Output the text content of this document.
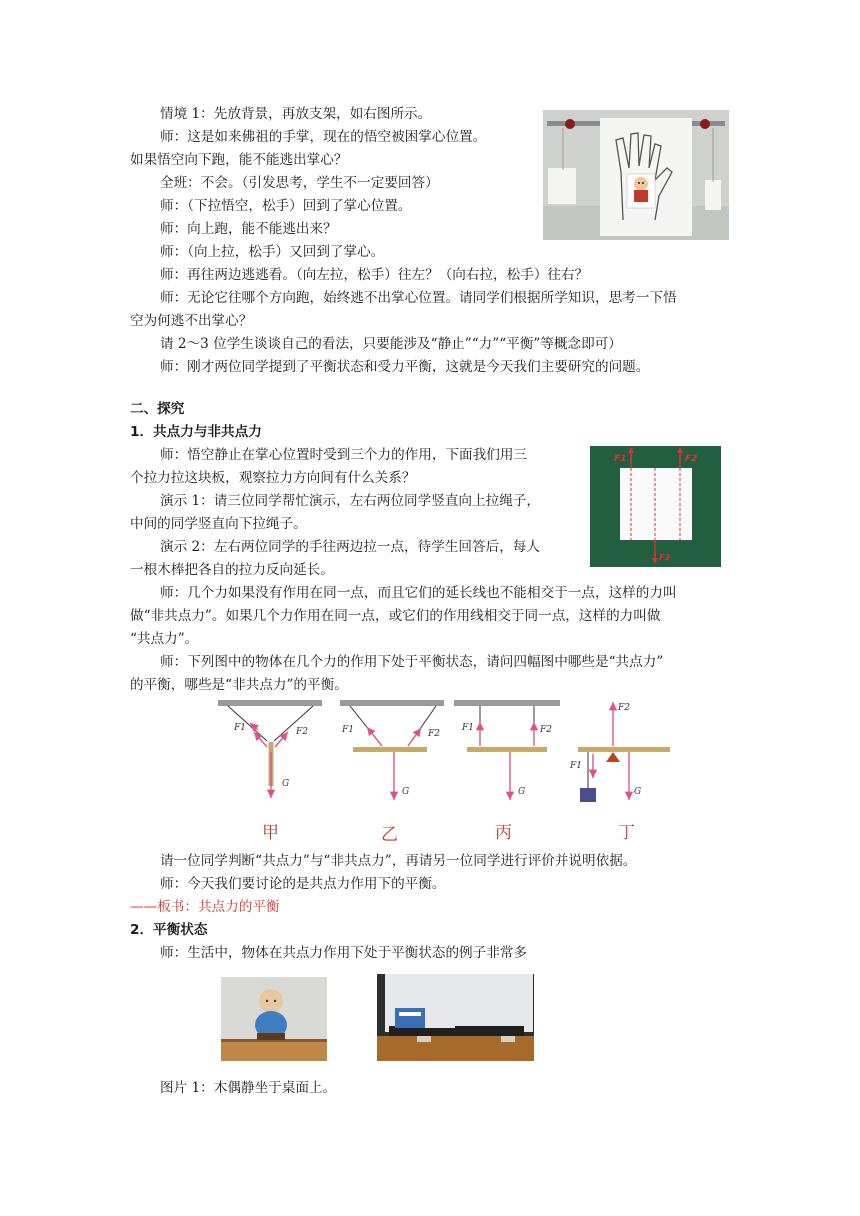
情境 1：先放背景，再放支架，如右图所示。
师：这是如来佛祖的手掌，现在的悟空被困掌心位置。
如果悟空向下跑，能不能逃出掌心？
全班：不会。（引发思考，学生不一定要回答）
师：（下拉悟空，松手）回到了掌心位置。
师：向上跑，能不能逃出来？
师：（向上拉，松手）又回到了掌心。
师：再往两边逃逃看。（向左拉，松手）往左？（向右拉，松手）往右？
师：无论它往哪个方向跑，始终逃不出掌心位置。请同学们根据所学知识，思考一下悟
空为何逃不出掌心？
请 2～3 位学生谈谈自己的看法，只要能涉及“静止”“力”“平衡”等概念即可）
师：刚才两位同学提到了平衡状态和受力平衡，这就是今天我们主要研究的问题。
二、探究
1．共点力与非共点力
师：悟空静止在掌心位置时受到三个力的作用，下面我们用三
个拉力拉这块板，观察拉力方向间有什么关系？
演示 1：请三位同学帮忙演示，左右两位同学竖直向上拉绳子，
中间的同学竖直向下拉绳子。
演示 2：左右两位同学的手往两边拉一点，待学生回答后，每人
一根木棒把各自的拉力反向延长。
师：几个力如果没有作用在同一点，而且它们的延长线也不能相交于一点，这样的力叫
做“非共点力”。如果几个力作用在同一点，或它们的作用线相交于同一点，这样的力叫做
“共点力”。
师：下列图中的物体在几个力的作用下处于平衡状态，请问四幅图中哪些是“共点力”
的平衡，哪些是“非共点力”的平衡。
请一位同学判断“共点力”与“非共点力”，再请另一位同学进行评价并说明依据。
师：今天我们要讨论的是共点力作用下的平衡。
——板书：共点力的平衡
2．平衡状态
师：生活中，物体在共点力作用下处于平衡状态的例子非常多
图片 1：木偶静坐于桌面上。
F1	F2
F3
F1	F2
G
F1	F2
G
F1	F2
G
F1
F2
G
甲	乙	丙	丁
